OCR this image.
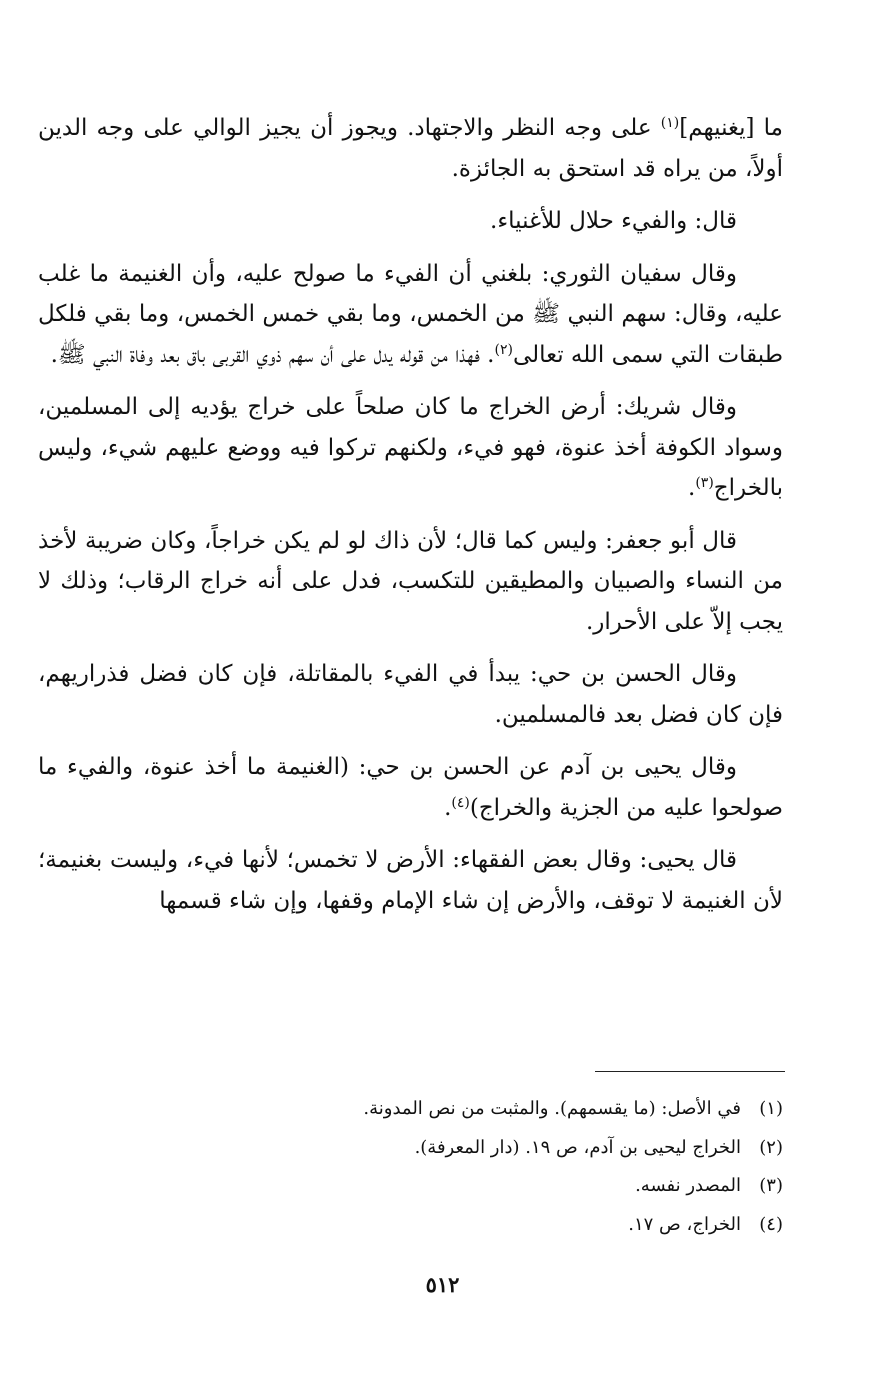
ما [يغنيهم]$^{(١)}$ على وجه النظر والاجتهاد. ويجوز أن يجيز الوالي على وجه الدين أولاً، من يراه قد استحق به الجائزة.

قال: والفيء حلال للأغنياء.

وقال سفيان الثوري: بلغني أن الفيء ما صولح عليه، وأن الغنيمة ما غلب عليه، وقال: سهم النبي ﷺ من الخمس، وما بقي خمس الخمس، وما بقي فلكل طبقات التي سمى الله تعالى$^{(٢)}$. فهذا من قوله يدل على أن سهم ذوي القربى باق بعد وفاة النبي ﷺ.

وقال شريك: أرض الخراج ما كان صلحاً على خراج يؤديه إلى المسلمين، وسواد الكوفة أخذ عنوة، فهو فيء، ولكنهم تركوا فيه ووضع عليهم شيء، وليس بالخراج$^{(٣)}$.

قال أبو جعفر: وليس كما قال؛ لأن ذاك لو لم يكن خراجاً، وكان ضريبة لأخذ من النساء والصبيان والمطيقين للتكسب، فدل على أنه خراج الرقاب؛ وذلك لا يجب إلاّ على الأحرار.

وقال الحسن بن حي: يبدأ في الفيء بالمقاتلة، فإن كان فضل فذراريهم، فإن كان فضل بعد فالمسلمين.

وقال يحيى بن آدم عن الحسن بن حي: (الغنيمة ما أخذ عنوة، والفيء ما صولحوا عليه من الجزية والخراج)$^{(٤)}$.

قال يحيى: وقال بعض الفقهاء: الأرض لا تخمس؛ لأنها فيء، وليست بغنيمة؛ لأن الغنيمة لا توقف، والأرض إن شاء الإمام وقفها، وإن شاء قسمها

(١)في الأصل: (ما يقسمهم). والمثبت من نص المدونة.
(٢)الخراج ليحيى بن آدم، ص ١٩. (دار المعرفة).
(٣)المصدر نفسه.
(٤)الخراج، ص ١٧.
٥١٢
